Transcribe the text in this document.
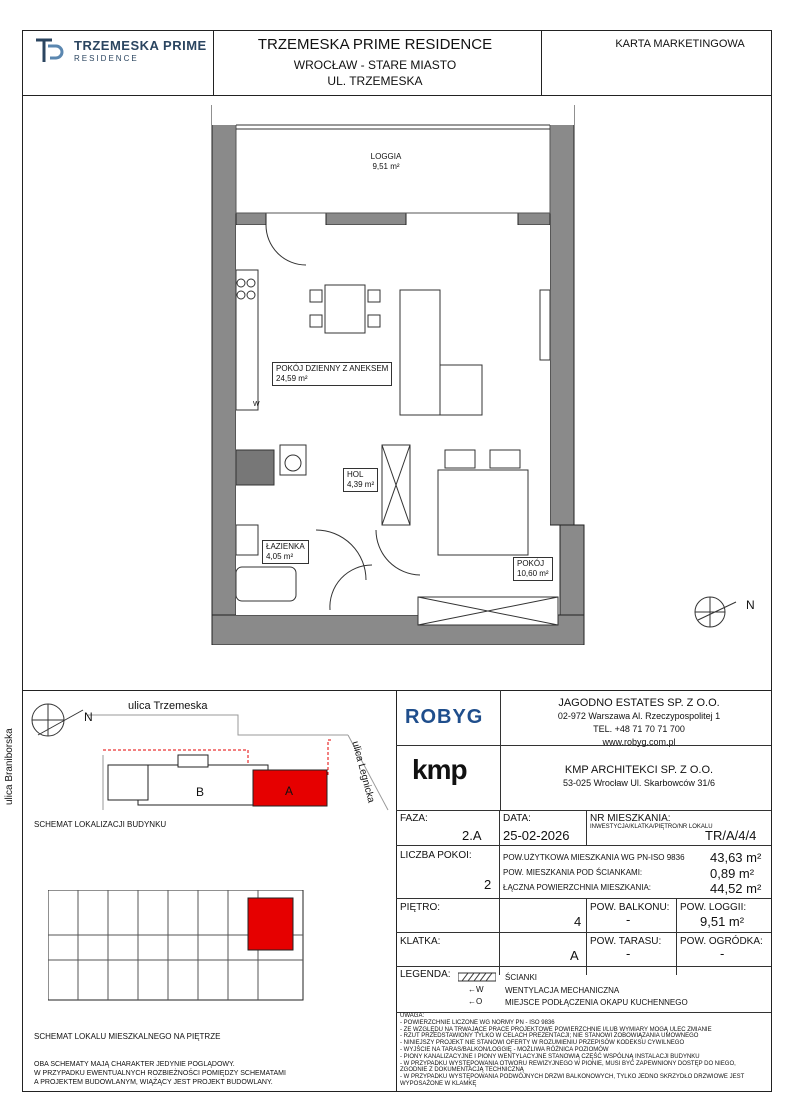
TRZEMESKA PRIME
RESIDENCE
TRZEMESKA PRIME RESIDENCE
WROCŁAW - STARE MIASTO
UL. TRZEMESKA
KARTA MARKETINGOWA
LOGGIA
9,51 m²
POKÓJ DZIENNY Z ANEKSEM
24,59 m²
HOL
4,39 m²
ŁAZIENKA
4,05 m²
POKÓJ
10,60 m²
W
N
ulica Trzemeska
N
ulica Braniborska	ulica Legnicka
A
B
SCHEMAT LOKALIZACJI BUDYNKU
SCHEMAT LOKALU MIESZKALNEGO NA PIĘTRZE
OBA SCHEMATY MAJĄ CHARAKTER JEDYNIE POGLĄDOWY.
W PRZYPADKU EWENTUALNYCH ROZBIEŻNOŚCI POMIĘDZY SCHEMATAMI
A PROJEKTEM BUDOWLANYM, WIĄŻĄCY JEST PROJEKT BUDOWLANY.
ROBYG
JAGODNO ESTATES SP. Z O.O.
02-972 Warszawa Al. Rzeczypospolitej 1
TEL. +48 71 70 71 700
www.robyg.com.pl
kmp	KMP ARCHITEKCI SP. Z O.O.
53-025 Wrocław Ul. Skarbowców 31/6
FAZA:
2.A
DATA:
25-02-2026
NR MIESZKANIA:
INWESTYCJA/KLATKA/PIĘTRO/NR LOKALU
TR/A/4/4
LICZBA POKOI:
2
POW.UŻYTKOWA MIESZKANIA WG PN-ISO 9836 43,63 m²
POW. MIESZKANIA POD ŚCIANKAMI:	0,89 m²
ŁĄCZNA POWIERZCHNIA MIESZKANIA:	44,52 m²
PIĘTRO:
4
POW. BALKONU:
-
POW. LOGGII:
9,51 m²
KLATKA:
A
POW. TARASU:
-
POW. OGRÓDKA:
-
LEGENDA:	ŚCIANKI
←W	WENTYLACJA MECHANICZNA
←O	MIEJSCE PODŁĄCZENIA OKAPU KUCHENNEGO
UWAGA:
- POWIERZCHNIE LICZONE WG NORMY PN - ISO 9836
- ZE WZGLĘDU NA TRWAJĄCE PRACE PROJEKTOWE POWIERZCHNIE I/LUB WYMIARY MOGĄ ULEC ZMIANIE
- RZUT PRZEDSTAWIONY TYLKO W CELACH PREZENTACJI; NIE STANOWI ZOBOWIĄZANIA UMOWNEGO
- NINIEJSZY PROJEKT NIE STANOWI OFERTY W ROZUMIENIU PRZEPISÓW KODEKSU CYWILNEGO
- WYJŚCIE NA TARAS/BALKON/LOGGIĘ - MOŻLIWA RÓŻNICA POZIOMÓW
- PIONY KANALIZACYJNE I PIONY WENTYLACYJNE STANOWIĄ CZĘŚĆ WSPÓLNĄ INSTALACJI BUDYNKU
- W PRZYPADKU WYSTĘPOWANIA OTWORU REWIZYJNEGO W PIONIE, MUSI BYĆ ZAPEWNIONY DOSTĘP DO NIEGO,
ZGODNIE Z DOKUMENTACJĄ TECHNICZNĄ
- W PRZYPADKU WYSTĘPOWANIA PODWÓJNYCH DRZWI BALKONOWYCH, TYLKO JEDNO SKRZYDŁO DRZWIOWE JEST
WYPOSAŻONE W KLAMKĘ
